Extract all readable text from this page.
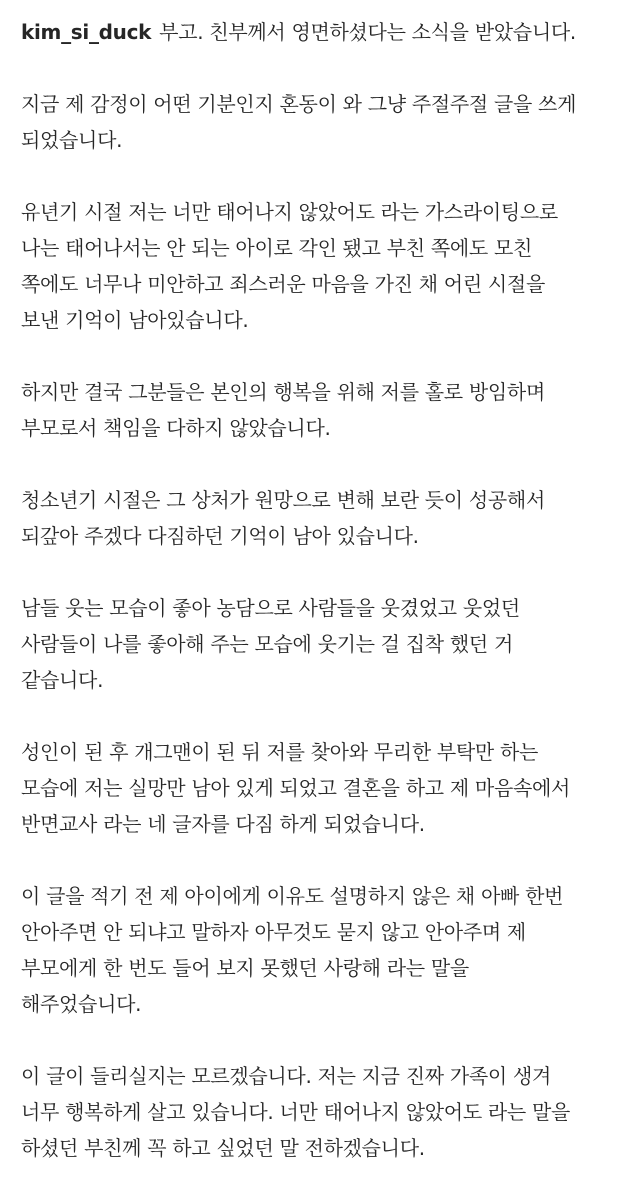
kim_si_duck 부고. 친부께서 영면하셨다는 소식을 받았습니다.
지금 제 감정이 어떤 기분인지 혼동이 와 그냥 주절주절 글을 쓰게
되었습니다.
유년기 시절 저는 너만 태어나지 않았어도 라는 가스라이팅으로
나는 태어나서는 안 되는 아이로 각인 됐고 부친 쪽에도 모친
쪽에도 너무나 미안하고 죄스러운 마음을 가진 채 어린 시절을
보낸 기억이 남아있습니다.
하지만 결국 그분들은 본인의 행복을 위해 저를 홀로 방임하며
부모로서 책임을 다하지 않았습니다.
청소년기 시절은 그 상처가 원망으로 변해 보란 듯이 성공해서
되갚아 주겠다 다짐하던 기억이 남아 있습니다.
남들 웃는 모습이 좋아 농담으로 사람들을 웃겼었고 웃었던
사람들이 나를 좋아해 주는 모습에 웃기는 걸 집착 했던 거
같습니다.
성인이 된 후 개그맨이 된 뒤 저를 찾아와 무리한 부탁만 하는
모습에 저는 실망만 남아 있게 되었고 결혼을 하고 제 마음속에서
반면교사 라는 네 글자를 다짐 하게 되었습니다.
이 글을 적기 전 제 아이에게 이유도 설명하지 않은 채 아빠 한번
안아주면 안 되냐고 말하자 아무것도 묻지 않고 안아주며 제
부모에게 한 번도 들어 보지 못했던 사랑해 라는 말을
해주었습니다.
이 글이 들리실지는 모르겠습니다. 저는 지금 진짜 가족이 생겨
너무 행복하게 살고 있습니다. 너만 태어나지 않았어도 라는 말을
하셨던 부친께 꼭 하고 싶었던 말 전하겠습니다.
